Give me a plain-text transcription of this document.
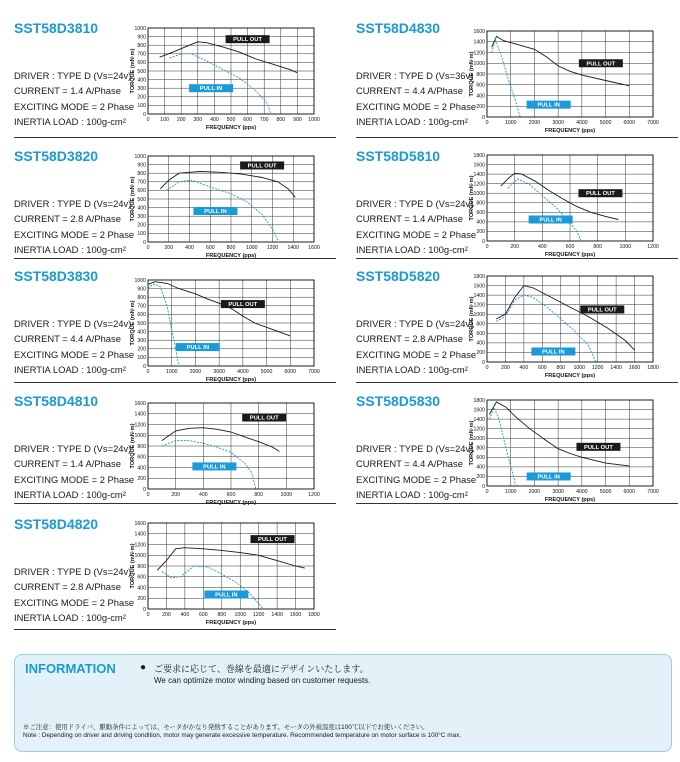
SST58D3810
DRIVER : TYPE D (Vs=24v)
CURRENT = 1.4 A/Phase
EXCITING MODE = 2 Phase
INERTIA LOAD : 100g-cm²	0 100 200 300 400 500 600 700 800 900 1000
0
100
200
300
400
500
600
700
800
900
1000
FREQUENCY (pps)
TORQUE (mN·m)
PULL OUT
PULL IN
SST58D3820
DRIVER : TYPE D (Vs=24v)
CURRENT = 2.8 A/Phase
EXCITING MODE = 2 Phase
INERTIA LOAD : 100g-cm²	0	200 400 600 800 1000 1200 1400 1600
0
100
200
300
400
500
600
700
800
900
1000
FREQUENCY (pps)
TORQUE (mN·m)
PULL OUT
PULL IN
SST58D3830
DRIVER : TYPE D (Vs=24v)
CURRENT = 4.4 A/Phase
EXCITING MODE = 2 Phase
INERTIA LOAD : 100g-cm²	0	1000 2000 3000 4000 5000 6000 7000
0
100
200
300
400
500
600
700
800
900
1000
FREQUENCY (pps)
TORQUE (mN·m)	PULL OUT
PULL IN
SST58D4810
DRIVER : TYPE D (Vs=24v)
CURRENT = 1.4 A/Phase
EXCITING MODE = 2 Phase
INERTIA LOAD : 100g-cm²	0	200	400	600	800	1000	1200
0
200
400
600
800
1000
1200
1400
1600
FREQUENCY (pps)
TORQUE (mN·m)
PULL OUT
PULL IN
SST58D4820
DRIVER : TYPE D (Vs=24v)
CURRENT = 2.8 A/Phase
EXCITING MODE = 2 Phase
INERTIA LOAD : 100g-cm²	0 200 400 600 800 1000 1200 1400 1600 1800
0
200
400
600
800
1000
1200
1400
1600
FREQUENCY (pps)
TORQUE (mN·m)
PULL OUT
PULL IN
SST58D4830
DRIVER : TYPE D (Vs=36v)
CURRENT = 4.4 A/Phase
EXCITING MODE = 2 Phase
INERTIA LOAD : 100g-cm²	0	1000 2000 3000 4000 5000 6000 7000
0
200
400
600
800
1000
1200
1400
1600
FREQUENCY (pps)
TORQUE (mN·m)	PULL OUT
PULL IN
SST58D5810
DRIVER : TYPE D (Vs=24v)
CURRENT = 1.4 A/Phase
EXCITING MODE = 2 Phase
INERTIA LOAD : 100g-cm²	0	200	400	600	800	1000	1200
0
200
400
600
800
1000
1200
1400
1600
1800
FREQUENCY (pps)
TORQUE (mN·m)	PULL OUT
PULL IN
SST58D5820
DRIVER : TYPE D (Vs=24v)
CURRENT = 2.8 A/Phase
EXCITING MODE = 2 Phase
INERTIA LOAD : 100g-cm²	0 200 400 600 800 1000 1200 1400 1600 1800
0
200
400
600
800
1000
1200
1400
1600
1800
FREQUENCY (pps)
TORQUE (mN·m)	PULL OUT
PULL IN
SST58D5830
DRIVER : TYPE D (Vs=24v)
CURRENT = 4.4 A/Phase
EXCITING MODE = 2 Phase
INERTIA LOAD : 100g-cm²	0	1000 2000 3000 4000 5000 6000 7000
0
200
400
600
800
1000
1200
1400
1600
1800
FREQUENCY (pps)
TORQUE (mN·m)	PULL OUT
PULL IN
INFORMATION ● ご要求に応じて、巻線を最適にデザインいたします。
We can optimize motor winding based on customer requests.
※ご注意：使用ドライバ、駆動条件によっては、モータがかなり発熱することがあります。モータの外被温度は100℃以下でお使いください。
Note : Depending on driver and driving condition, motor may generate excessive temperature. Recommended temperature on motor surface is 100°C max.
